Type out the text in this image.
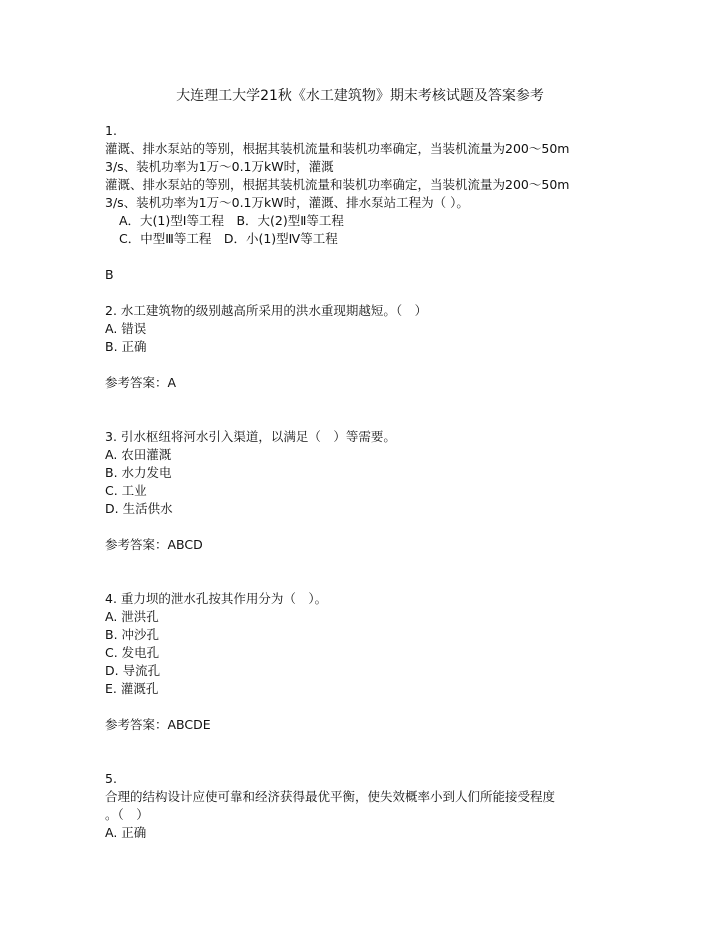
大连理工大学21秋《水工建筑物》期末考核试题及答案参考
1.
灌溉、排水泵站的等别，根据其装机流量和装机功率确定，当装机流量为200～50m
3/s、装机功率为1万～0.1万kW时，灌溉
灌溉、排水泵站的等别，根据其装机流量和装机功率确定，当装机流量为200～50m
3/s、装机功率为1万～0.1万kW时，灌溉、排水泵站工程为（ ）。
A．大(1)型Ⅰ等工程　B．大(2)型Ⅱ等工程
C．中型Ⅲ等工程　D．小(1)型Ⅳ等工程
B
2. 水工建筑物的级别越高所采用的洪水重现期越短。（　）
A. 错误
B. 正确
参考答案：A
3. 引水枢纽将河水引入渠道，以满足（　）等需要。
A. 农田灌溉
B. 水力发电
C. 工业
D. 生活供水
参考答案：ABCD
4. 重力坝的泄水孔按其作用分为（　）。
A. 泄洪孔
B. 冲沙孔
C. 发电孔
D. 导流孔
E. 灌溉孔
参考答案：ABCDE
5.
合理的结构设计应使可靠和经济获得最优平衡，使失效概率小到人们所能接受程度
。（　）
A. 正确
